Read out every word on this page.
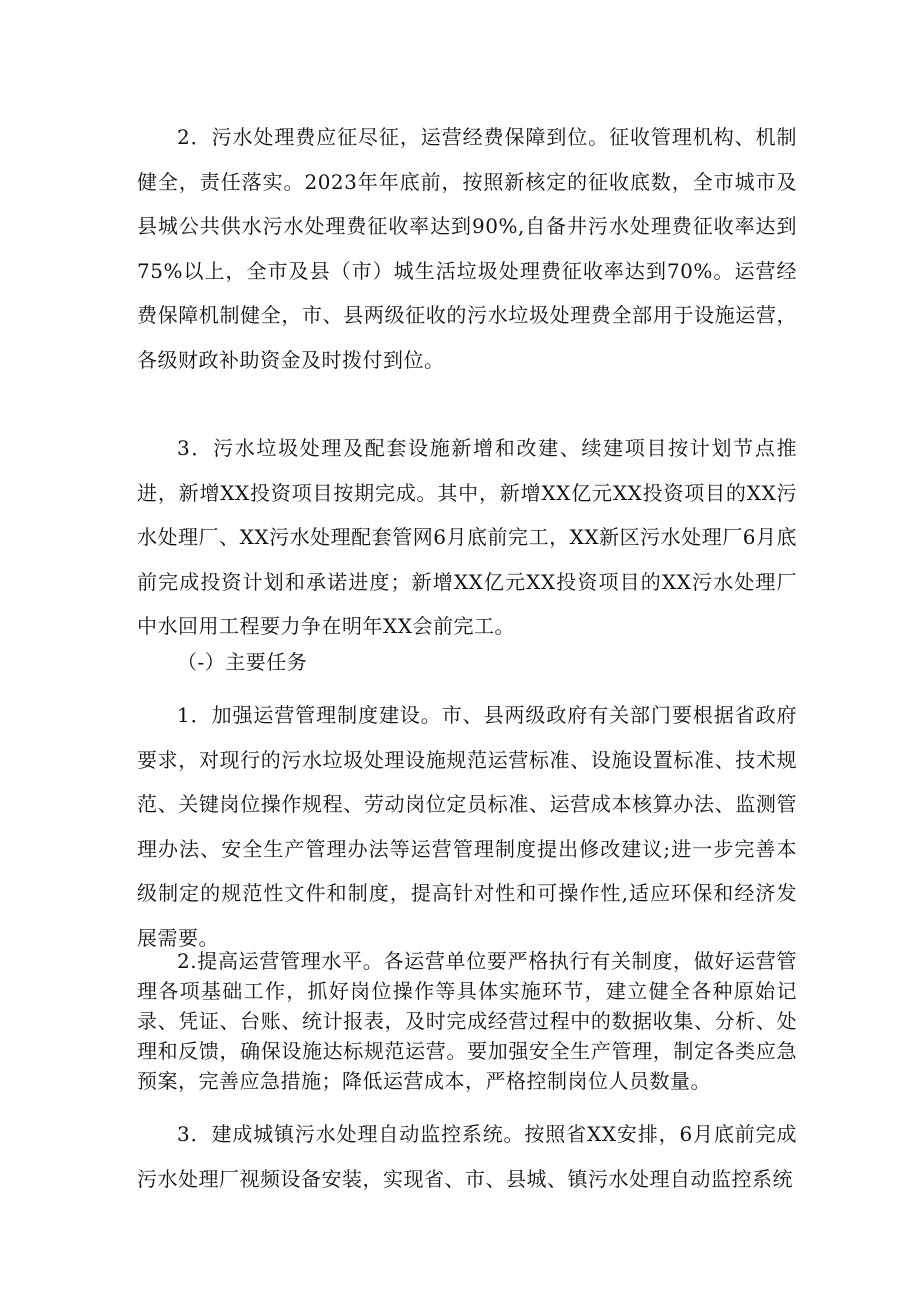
2．污水处理费应征尽征，运营经费保障到位。征收管理机构、机制健全，责任落实。2023年年底前，按照新核定的征收底数，全市城市及县城公共供水污水处理费征收率达到90%,自备井污水处理费征收率达到75%以上，全市及县（市）城生活垃圾处理费征收率达到70%。运营经费保障机制健全，市、县两级征收的污水垃圾处理费全部用于设施运营，各级财政补助资金及时拨付到位。

3．污水垃圾处理及配套设施新增和改建、续建项目按计划节点推进，新增XX投资项目按期完成。其中，新增XX亿元XX投资项目的XX污水处理厂、XX污水处理配套管网6月底前完工，XX新区污水处理厂6月底前完成投资计划和承诺进度；新增XX亿元XX投资项目的XX污水处理厂中水回用工程要力争在明年XX会前完工。

（-）主要任务

1．加强运营管理制度建设。市、县两级政府有关部门要根据省政府要求，对现行的污水垃圾处理设施规范运营标准、设施设置标准、技术规范、关键岗位操作规程、劳动岗位定员标准、运营成本核算办法、监测管理办法、安全生产管理办法等运营管理制度提出修改建议;进一步完善本级制定的规范性文件和制度，提高针对性和可操作性,适应环保和经济发展需要。

2.提高运营管理水平。各运营单位要严格执行有关制度，做好运营管理各项基础工作，抓好岗位操作等具体实施环节，建立健全各种原始记录、凭证、台账、统计报表，及时完成经营过程中的数据收集、分析、处理和反馈，确保设施达标规范运营。要加强安全生产管理，制定各类应急预案，完善应急措施；降低运营成本，严格控制岗位人员数量。

3．建成城镇污水处理自动监控系统。按照省XX安排，6月底前完成污水处理厂视频设备安装，实现省、市、县城、镇污水处理自动监控系统
